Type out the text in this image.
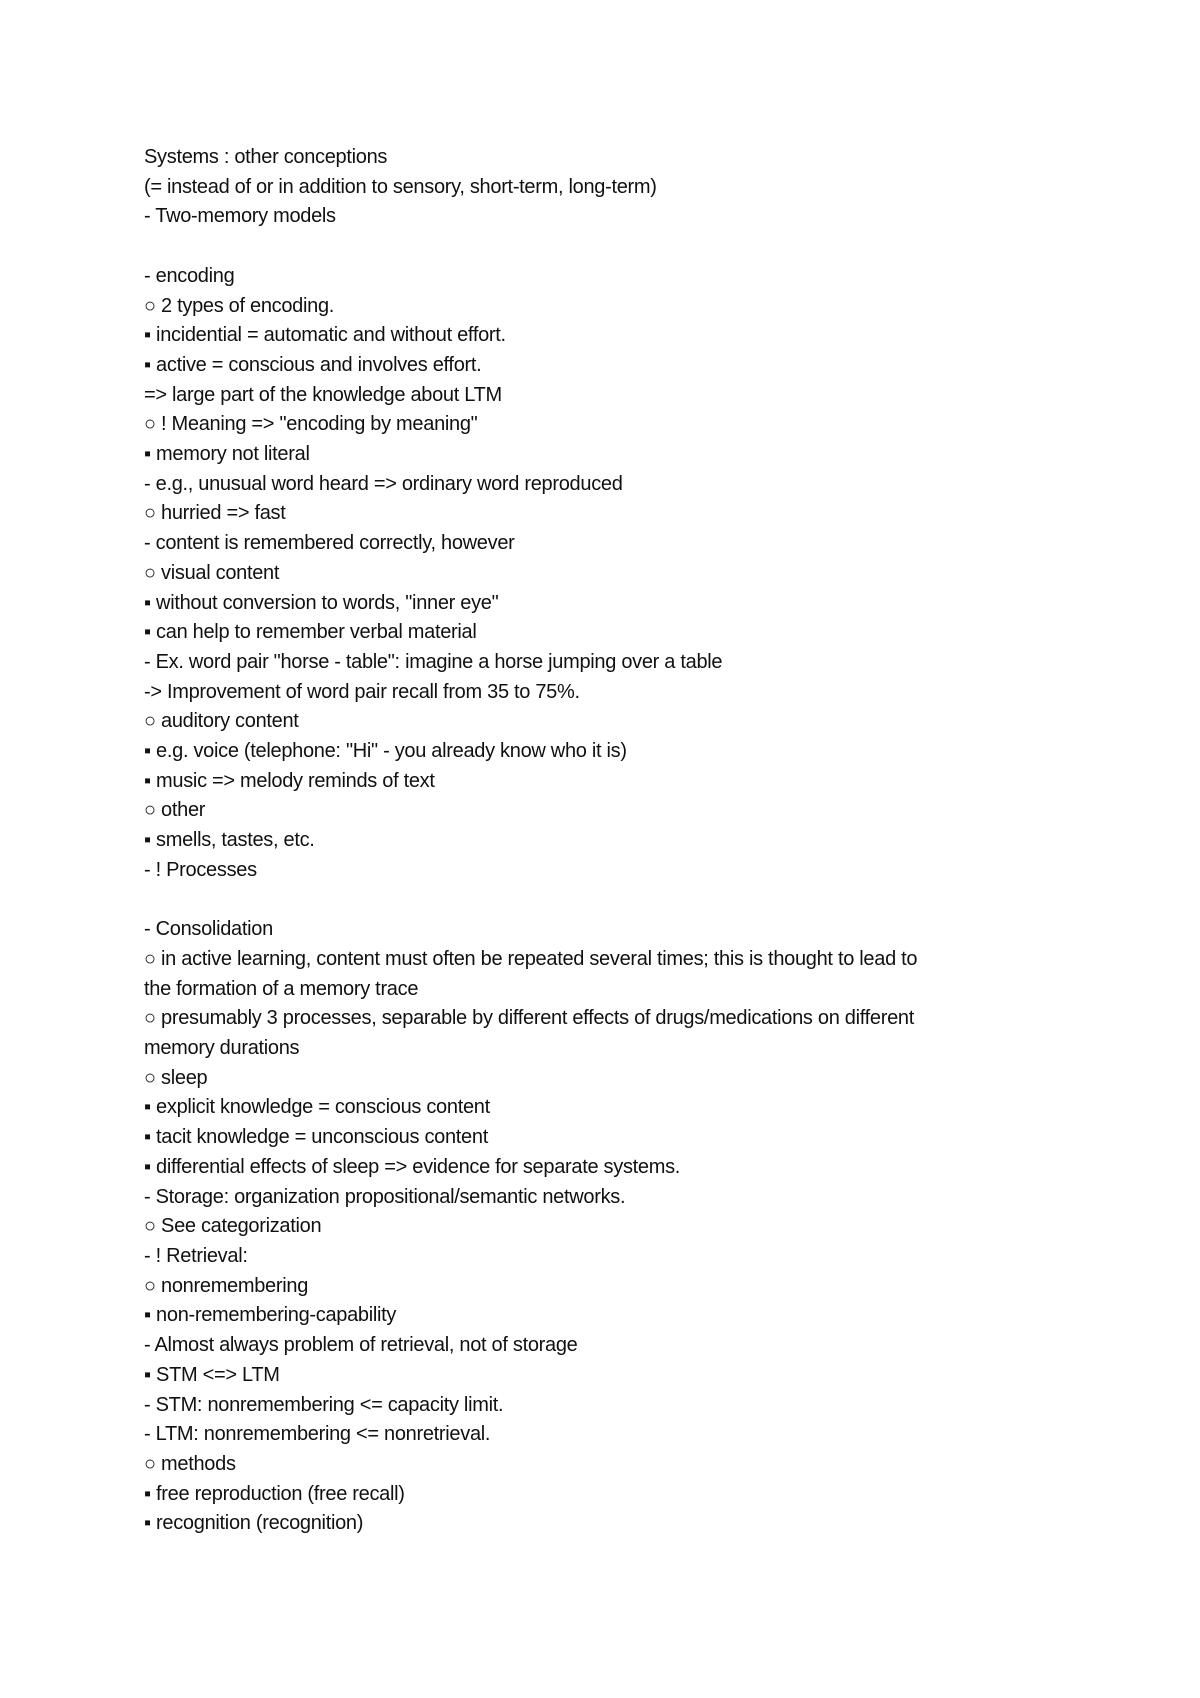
Systems : other conceptions

(= instead of or in addition to sensory, short-term, long-term)

- Two-memory models

- encoding

○ 2 types of encoding.

▪ incidential = automatic and without effort.

▪ active = conscious and involves effort.

=> large part of the knowledge about LTM

○ ! Meaning => "encoding by meaning"

▪ memory not literal

- e.g., unusual word heard => ordinary word reproduced

○ hurried => fast

- content is remembered correctly, however

○ visual content

▪ without conversion to words, "inner eye"

▪ can help to remember verbal material

- Ex. word pair "horse - table": imagine a horse jumping over a table

-> Improvement of word pair recall from 35 to 75%.

○ auditory content

▪ e.g. voice (telephone: "Hi" - you already know who it is)

▪ music => melody reminds of text

○ other

▪ smells, tastes, etc.

- ! Processes

- Consolidation

○ in active learning, content must often be repeated several times; this is thought to lead to

the formation of a memory trace

○ presumably 3 processes, separable by different effects of drugs/medications on different

memory durations

○ sleep

▪ explicit knowledge = conscious content

▪ tacit knowledge = unconscious content

▪ differential effects of sleep => evidence for separate systems.

- Storage: organization propositional/semantic networks.

○ See categorization

- ! Retrieval:

○ nonremembering

▪ non-remembering-capability

- Almost always problem of retrieval, not of storage

▪ STM <=> LTM

- STM: nonremembering <= capacity limit.

- LTM: nonremembering <= nonretrieval.

○ methods

▪ free reproduction (free recall)

▪ recognition (recognition)
